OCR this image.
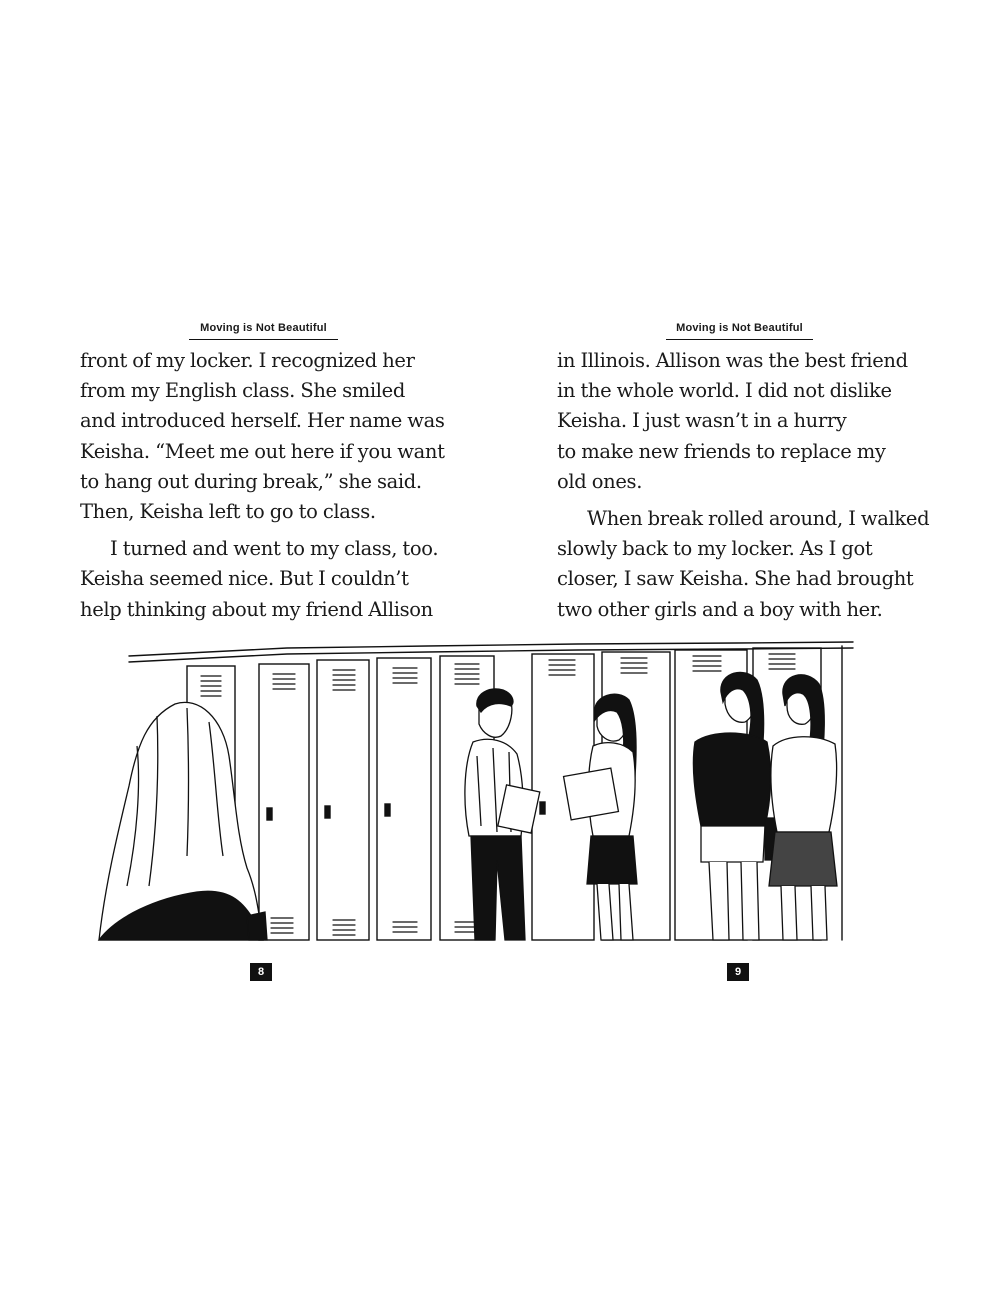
Moving is Not Beautiful	Moving is Not Beautiful

front of my locker. I recognized her
from my English class. She smiled
and introduced herself. Her name was
Keisha. “Meet me out here if you want
to hang out during break,” she said.
Then, Keisha left to go to class.

I turned and went to my class, too.
Keisha seemed nice. But I couldn’t
help thinking about my friend Allison

in Illinois. Allison was the best friend
in the whole world. I did not dislike
Keisha. I just wasn’t in a hurry
to make new friends to replace my
old ones.

When break rolled around, I walked
slowly back to my locker. As I got
closer, I saw Keisha. She had brought
two other girls and a boy with her.

8	9
